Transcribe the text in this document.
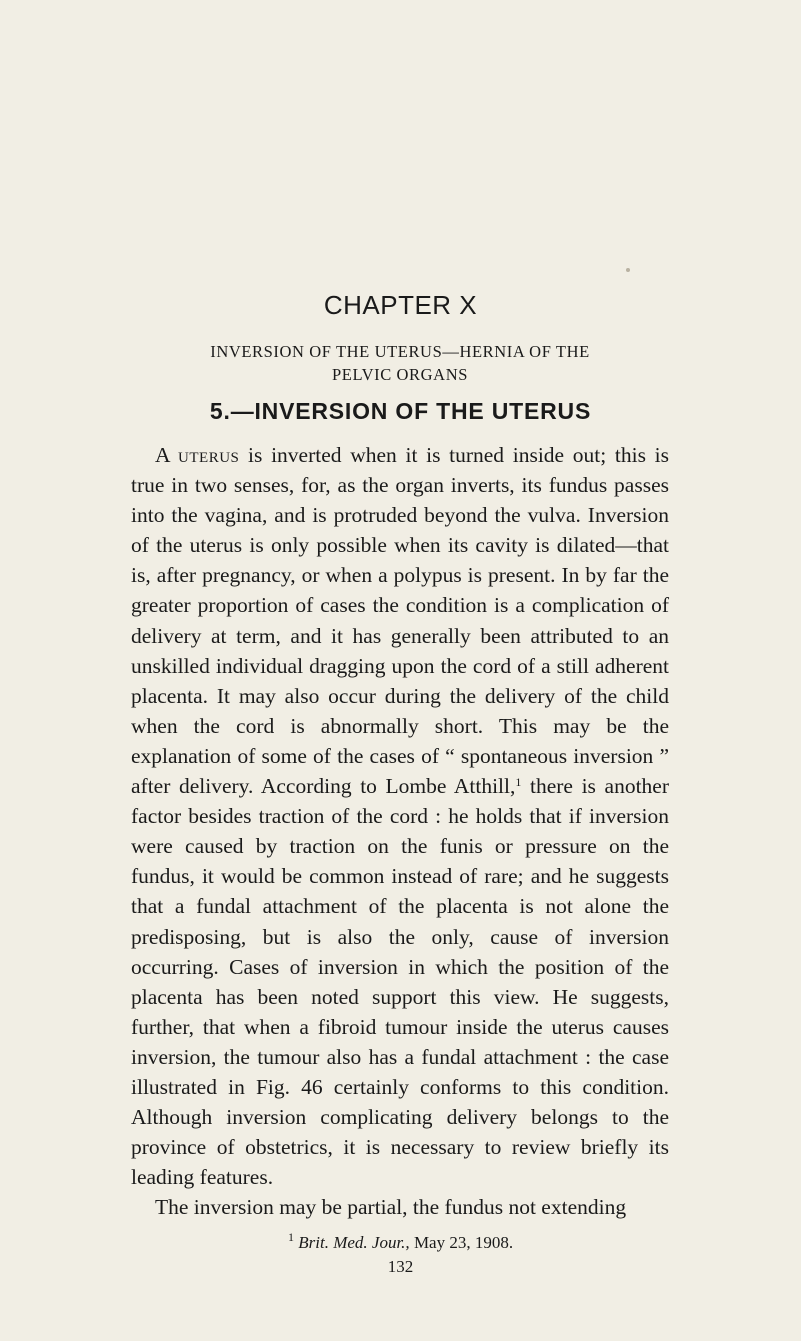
CHAPTER X
INVERSION OF THE UTERUS—HERNIA OF THE
PELVIC ORGANS
5.—INVERSION OF THE UTERUS

A uterus is inverted when it is turned inside out; this is true in two senses, for, as the organ inverts, its fundus passes into the vagina, and is protruded beyond the vulva. Inversion of the uterus is only possible when its cavity is dilated—that is, after pregnancy, or when a polypus is present. In by far the greater proportion of cases the condition is a complication of delivery at term, and it has generally been attributed to an unskilled individual dragging upon the cord of a still adherent placenta. It may also occur during the delivery of the child when the cord is abnormally short. This may be the explanation of some of the cases of “ spontaneous inversion ” after delivery. According to Lombe Atthill,$^1$ there is another factor besides traction of the cord : he holds that if inversion were caused by traction on the funis or pressure on the fundus, it would be common instead of rare; and he suggests that a fundal attachment of the placenta is not alone the predisposing, but is also the only, cause of inversion occurring. Cases of inversion in which the position of the placenta has been noted support this view. He suggests, further, that when a fibroid tumour inside the uterus causes inversion, the tumour also has a fundal attachment : the case illustrated in Fig. 46 certainly conforms to this condition. Although inversion complicating delivery belongs to the province of obstetrics, it is necessary to review briefly its leading features.

The inversion may be partial, the fundus not extending

$^1$ Brit. Med. Jour., May 23, 1908.
132
